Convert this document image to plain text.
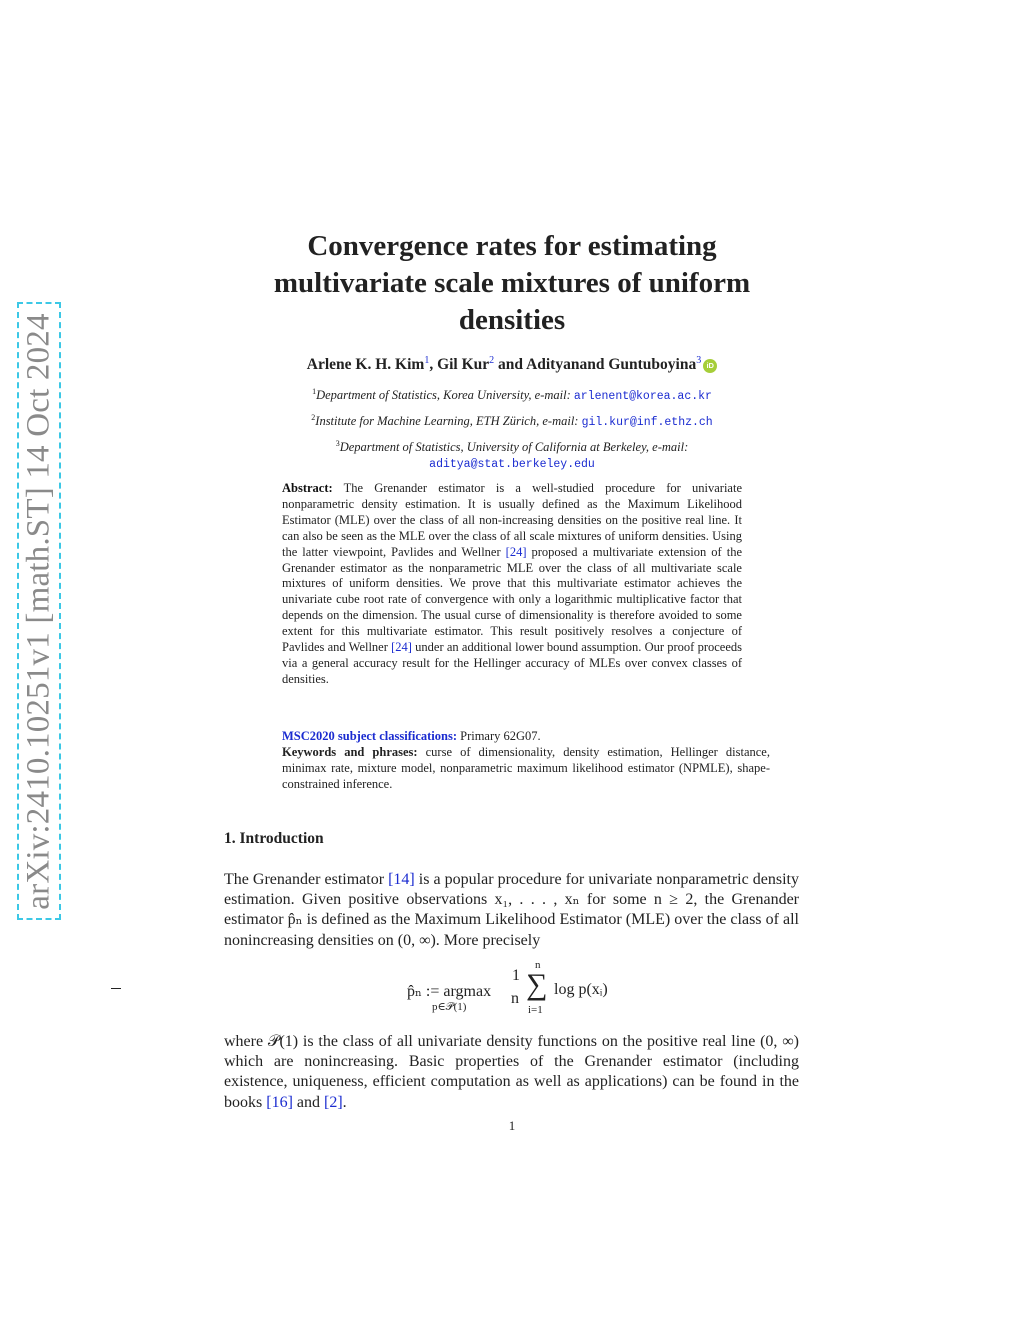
arXiv:2410.10251v1 [math.ST] 14 Oct 2024
Convergence rates for estimating
multivariate scale mixtures of uniform
densities
Arlene K. H. Kim$^1$, Gil Kur$^2$ and Adityanand Guntuboyina$^3$ iD
$^1$Department of Statistics, Korea University, e-mail: arlenent@korea.ac.kr
$^2$Institute for Machine Learning, ETH Zürich, e-mail: gil.kur@inf.ethz.ch
$^3$Department of Statistics, University of California at Berkeley, e-mail:
aditya@stat.berkeley.edu
Abstract: The Grenander estimator is a well-studied procedure for univariate nonparametric density estimation. It is usually defined as the Maximum Likelihood Estimator (MLE) over the class of all non-increasing densities on the positive real line. It can also be seen as the MLE over the class of all scale mixtures of uniform densities. Using the latter viewpoint, Pavlides and Wellner [24] proposed a multivariate extension of the Grenander estimator as the nonparametric MLE over the class of all multivariate scale mixtures of uniform densities. We prove that this multivariate estimator achieves the univariate cube root rate of convergence with only a logarithmic multiplicative factor that depends on the dimension. The usual curse of dimensionality is therefore avoided to some extent for this multivariate estimator. This result positively resolves a conjecture of Pavlides and Wellner [24] under an additional lower bound assumption. Our proof proceeds via a general accuracy result for the Hellinger accuracy of MLEs over convex classes of densities.
MSC2020 subject classifications: Primary 62G07.
Keywords and phrases: curse of dimensionality, density estimation, Hellinger distance, minimax rate, mixture model, nonparametric maximum likelihood estimator (NPMLE), shape-constrained inference.
1. Introduction
The Grenander estimator [14] is a popular procedure for univariate nonparametric density estimation. Given positive observations x₁, . . . , xₙ for some n ≥ 2, the Grenander estimator p̂ₙ is defined as the Maximum Likelihood Estimator (MLE) over the class of all nonincreasing densities on (0, ∞). More precisely
p̂ₙ := argmax
p∈𝒫(1)
1
n
n
∑
i=1
log p(xᵢ)
where 𝒫(1) is the class of all univariate density functions on the positive real line (0, ∞) which are nonincreasing. Basic properties of the Grenander estimator (including existence, uniqueness, efficient computation as well as applications) can be found in the books [16] and [2].
1
